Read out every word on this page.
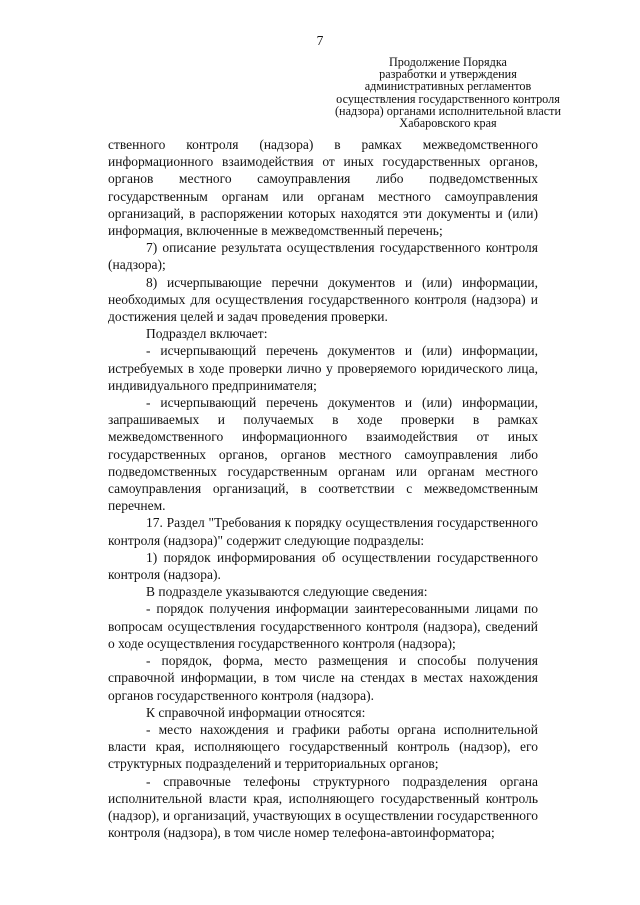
7
Продолжение Порядка
разработки и утверждения
административных регламентов
осуществления государственного контроля
(надзора) органами исполнительной власти
Хабаровского края

ственного контроля (надзора) в рамках межведомственного информационного взаимодействия от иных государственных органов, органов местного самоуправления либо подведомственных государственным органам или органам местного самоуправления организаций, в распоряжении которых находятся эти документы и (или) информация, включенные в межведомственный перечень;

7) описание результата осуществления государственного контроля (надзора);

8) исчерпывающие перечни документов и (или) информации, необходимых для осуществления государственного контроля (надзора) и достижения целей и задач проведения проверки.

Подраздел включает:

- исчерпывающий перечень документов и (или) информации, истребуемых в ходе проверки лично у проверяемого юридического лица, индивидуального предпринимателя;

- исчерпывающий перечень документов и (или) информации, запрашиваемых и получаемых в ходе проверки в рамках межведомственного информационного взаимодействия от иных государственных органов, органов местного самоуправления либо подведомственных государственным органам или органам местного самоуправления организаций, в соответствии с межведомственным перечнем.

17. Раздел "Требования к порядку осуществления государственного контроля (надзора)" содержит следующие подразделы:

1) порядок информирования об осуществлении государственного контроля (надзора).

В подразделе указываются следующие сведения:

- порядок получения информации заинтересованными лицами по вопросам осуществления государственного контроля (надзора), сведений о ходе осуществления государственного контроля (надзора);

- порядок, форма, место размещения и способы получения справочной информации, в том числе на стендах в местах нахождения органов государственного контроля (надзора).

К справочной информации относятся:

- место нахождения и графики работы органа исполнительной власти края, исполняющего государственный контроль (надзор), его структурных подразделений и территориальных органов;

- справочные телефоны структурного подразделения органа исполнительной власти края, исполняющего государственный контроль (надзор), и организаций, участвующих в осуществлении государственного контроля (надзора), в том числе номер телефона-автоинформатора;
